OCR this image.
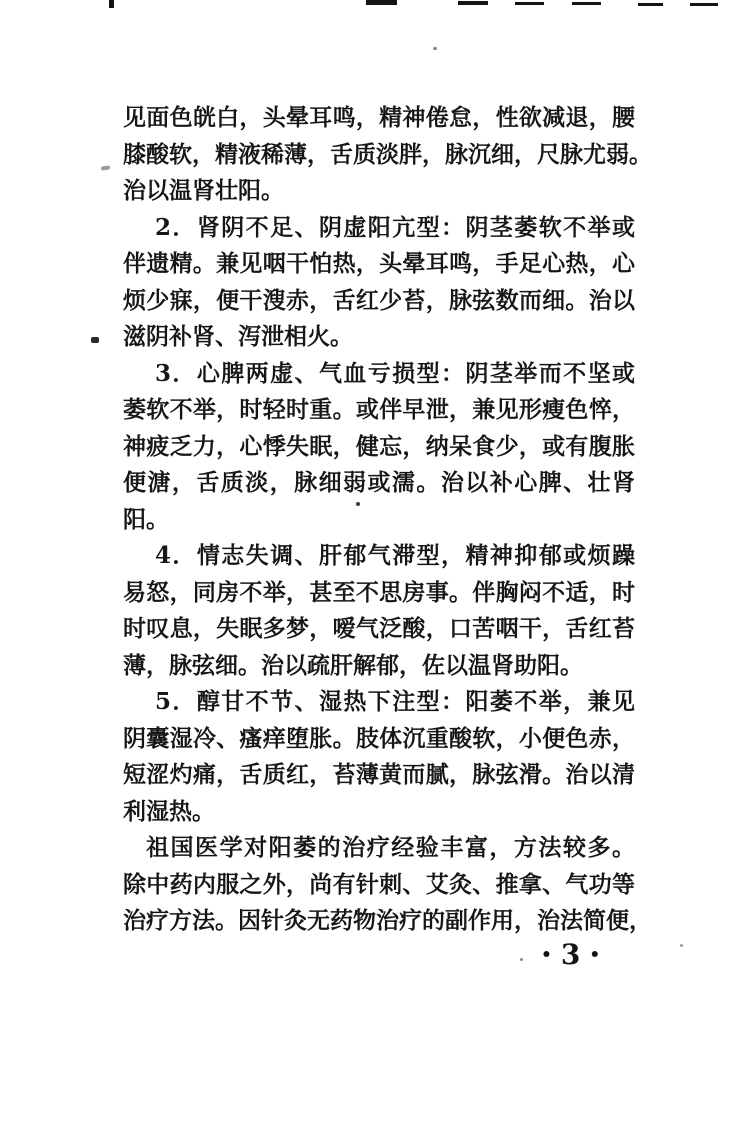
见面色㿠白，头晕耳鸣，精神倦怠，性欲减退，腰
膝酸软，精液稀薄，舌质淡胖，脉沉细，尺脉尤弱。
治以温肾壮阳。
2．肾阴不足、阴虚阳亢型：阴茎萎软不举或
伴遗精。兼见咽干怕热，头晕耳鸣，手足心热，心
烦少寐，便干溲赤，舌红少苔，脉弦数而细。治以
滋阴补肾、泻泄相火。
3．心脾两虚、气血亏损型：阴茎举而不坚或
萎软不举，时轻时重。或伴早泄，兼见形瘦色悴，
神疲乏力，心悸失眠，健忘，纳呆食少，或有腹胀
便溏，舌质淡，脉细弱或濡。治以补心脾、壮肾
阳。
4．情志失调、肝郁气滞型，精神抑郁或烦躁
易怒，同房不举，甚至不思房事。伴胸闷不适，时
时叹息，失眠多梦，嗳气泛酸，口苦咽干，舌红苔
薄，脉弦细。治以疏肝解郁，佐以温肾助阳。
5．醇甘不节、湿热下注型：阳萎不举，兼见
阴囊湿冷、瘙痒堕胀。肢体沉重酸软，小便色赤，
短涩灼痛，舌质红，苔薄黄而腻，脉弦滑。治以清
利湿热。
祖国医学对阳萎的治疗经验丰富，方法较多。
除中药内服之外，尚有针刺、艾灸、推拿、气功等
治疗方法。因针灸无药物治疗的副作用，治法简便，
• 3 •
